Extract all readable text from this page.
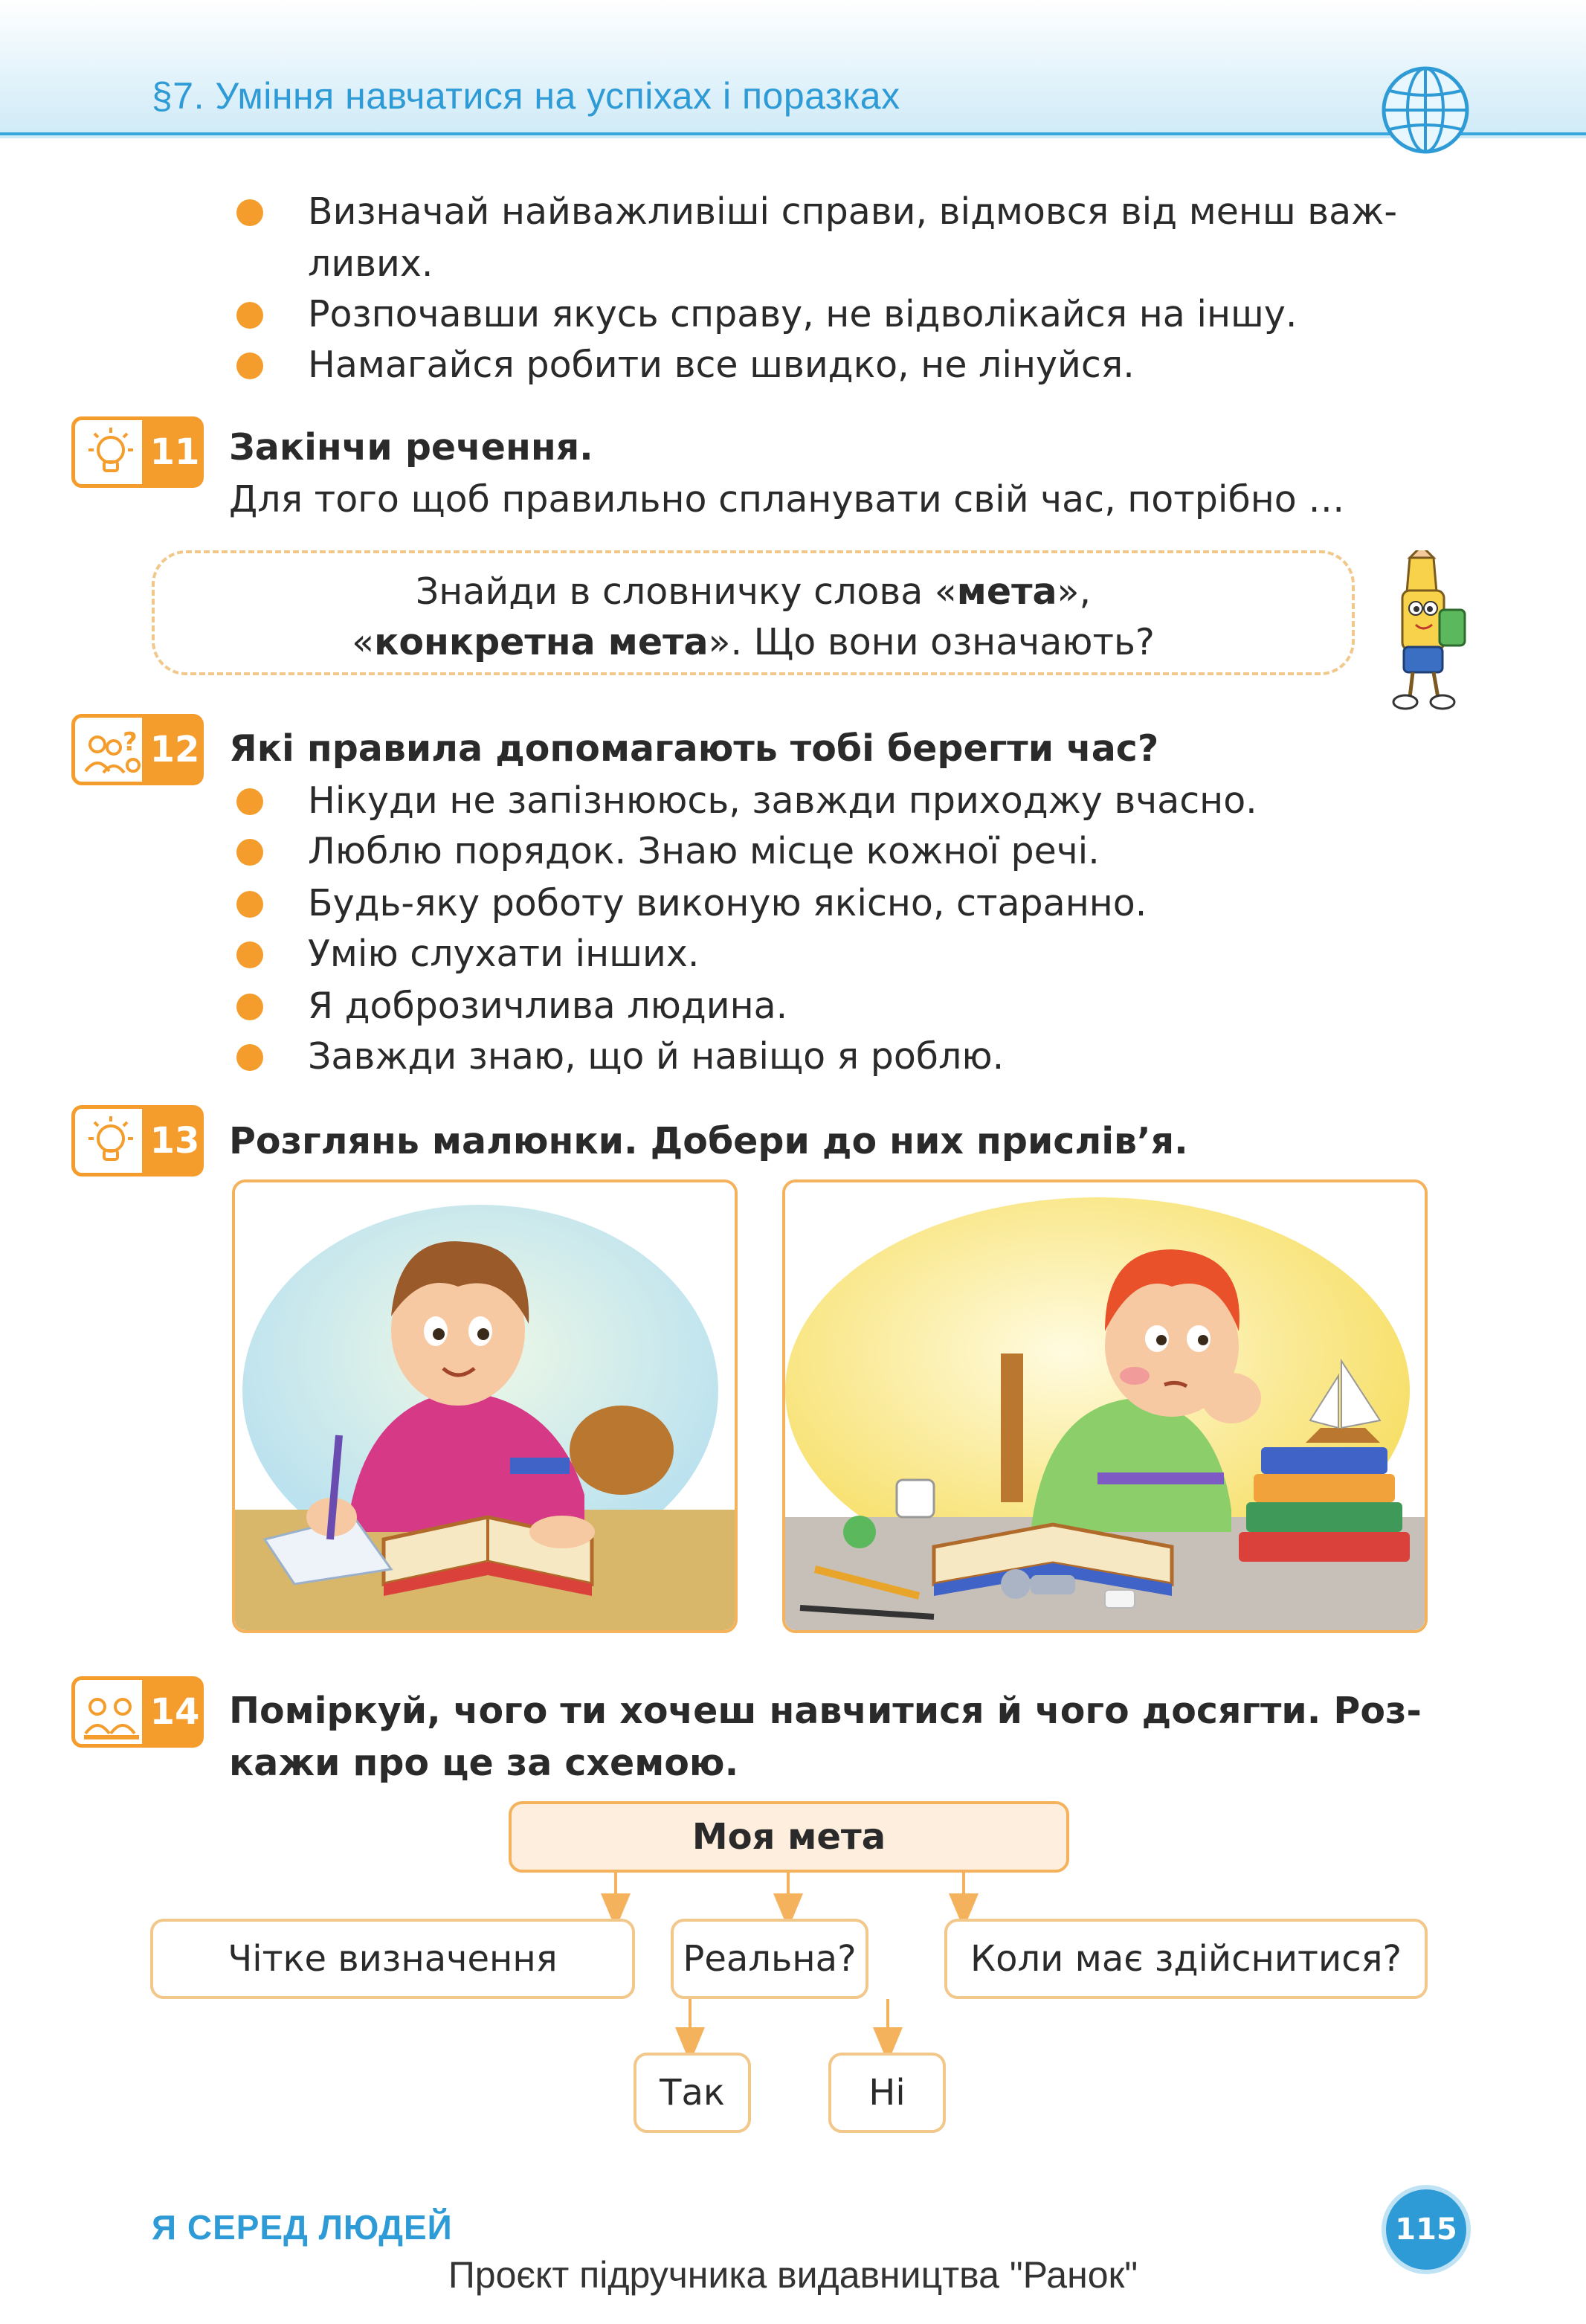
§7. Уміння навчатися на успіхах і поразках
Визначай найважливіші справи, відмовся від менш важ-
ливих.
Розпочавши якусь справу, не відволікайся на іншу.
Намагайся робити все швидко, не лінуйся.
11 Закінчи речення.
Для того щоб правильно спланувати свій час, потрібно …
Знайди в словничку слова «мета»,
«конкретна мета». Що вони означають?
? 12 Які правила допомагають тобі берегти час?
Нікуди не запізнююсь, завжди приходжу вчасно.
Люблю порядок. Знаю місце кожної речі.
Будь-яку роботу виконую якісно, старанно.
Умію слухати інших.
Я доброзичлива людина.
Завжди знаю, що й навіщо я роблю.
13 Розглянь малюнки. Добери до них прислів’я.
14 Поміркуй, чого ти хочеш навчитися й чого досягти. Роз-
кажи про це за схемою.
Моя мета
Чітке визначення	Реальна?	Коли має здійснитися?
Так	Ні
Я СЕРЕД ЛЮДЕЙ	115
Проєкт підручника видавництва "Ранок"
